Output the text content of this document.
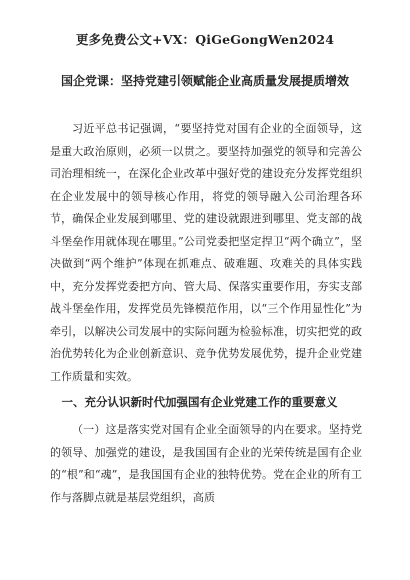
更多免费公文+VX：QiGeGongWen2024
国企党课：坚持党建引领赋能企业高质量发展提质增效

习近平总书记强调，“要坚持党对国有企业的全面领导，这是重大政治原则，必须一以贯之。要坚持加强党的领导和完善公司治理相统一，在深化企业改革中强好党的建设充分发挥党组织在企业发展中的领导核心作用，将党的领导融入公司治理各环节，确保企业发展到哪里、党的建设就跟进到哪里、党支部的战斗堡垒作用就体现在哪里。”公司党委把坚定捍卫“两个确立”，坚决做到“两个维护”体现在抓难点、破难题、攻难关的具体实践中，充分发挥党委把方向、管大局、保落实重要作用，夯实支部战斗堡垒作用，发挥党员先锋模范作用，以“三个作用显性化”为牵引，以解决公司发展中的实际问题为检验标准，切实把党的政治优势转化为企业创新意识、竞争优势发展优势，提升企业党建工作质量和实效。

一、充分认识新时代加强国有企业党建工作的重要意义

（一）这是落实党对国有企业全面领导的内在要求。坚持党的领导、加强党的建设，是我国国有企业的光荣传统是国有企业的“根”和“魂”，是我国国有企业的独特优势。党在企业的所有工作与落脚点就是基层党组织，高质
